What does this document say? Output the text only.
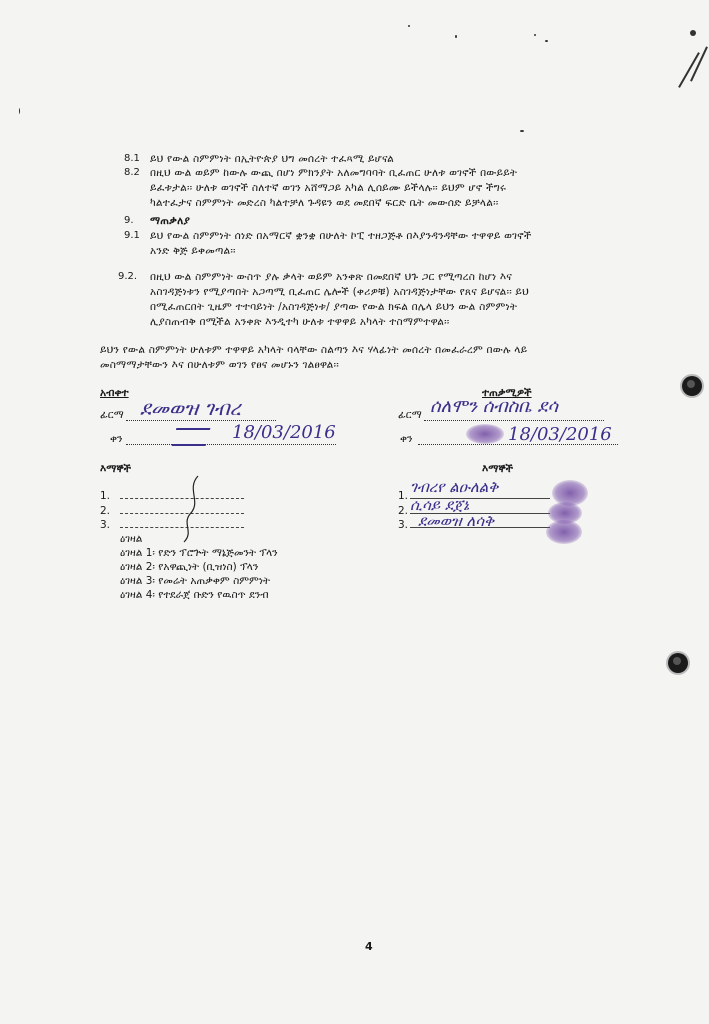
8.1 ይህ የውል ስምምነት በኢትዮጵያ ህግ መሰረት ተፈጻሚ ይሆናል
8.2 በዚህ ውል ወይም ከውሉ ውጪ በሆነ ምክንያት አለመግባባት ቢፈጠር ሁለቱ ወገኖች በውይይት
ይፈቱታል፡፡ ሁለቱ ወገኖች ስለተኛ ወገን አሸማጋይ አካል ሊሰይሙ ይችላሉ፡፡ ይህም ሆኖ ችግሩ
ካልተፈታና ስምምነት መድረስ ካልተቻለ ጉዳዩን ወደ መደበኛ ፍርድ ቤት መውሰድ ይቻላል፡፡
9. ማጠቃለያ
9.1 ይህ የውል ስምምነት ሰነድ በአማርኛ ቋንቋ በሁለት ኮፒ ተዘጋጅቶ በእያንዳንዳቸው ተዋዋይ ወገኖች
አንድ ቅጅ ይቀመጣል፡፡
9.2. በዚህ ውል ስምምነት ውስጥ ያሉ ቃላት ወይም አንቀጽ በመደበኛ ህጉ ጋር የሚጣረስ ከሆነ እና
አስገዳጅነቱን የሚያጣበት አጋጣሚ ቢፈጠር ሌሎች (ቀሪዎቹ) አስገዳጅነታቸው የጸና ይሆናል፡፡ ይህ
በሚፈጠርበት ጊዜም ተተባይነት /አስገዳጅነቱ/ ያጣው የውል ክፍል በሌላ ይህን ውል ስምምነት
ሊያስጠብቅ በሚችል አንቀጽ እንዲተካ ሁለቱ ተዋዋይ አካላት ተስማምተዋል፡፡
ይህን የውል ስምምነት ሁለቱም ተዋዋይ አካላት ባላቸው ስልጣን እና ሃላፊነት መሰረት በመፈራረም በውሉ ላይ
መስማማታቸውን እና በሁለቱም ወገን የፀና መሆኑን ገልፀዋል፡፡
አብቀተ
ፊርማ ደመወዝ ገብረ
ቀን	18/03/2016
ተጠቃሚዎች
ፊርማ ሰለሞን ሰብስቤ ደሳ
ቀን	18/03/2016
እማኞች
1.
2.
3.
እማኞች
1. ገብረየ ልዑለልቅ
2. ሲሳይ ደጀኔ
3. ደመወዝ ለሳቅ
ዕገዛል
ዕገዛል 1፡ የድን ፕሮጕት ማኔጅመንት ፕላን
ዕገዛል 2፡ የአዋጪነት (ቢዝነስ) ፕላን
ዕገዛል 3፡ የመሬት አጠቃቀም ስምምነት
ዕገዛል 4፡ የተደራጀ ቡድን የዉስጥ ደንብ
4
